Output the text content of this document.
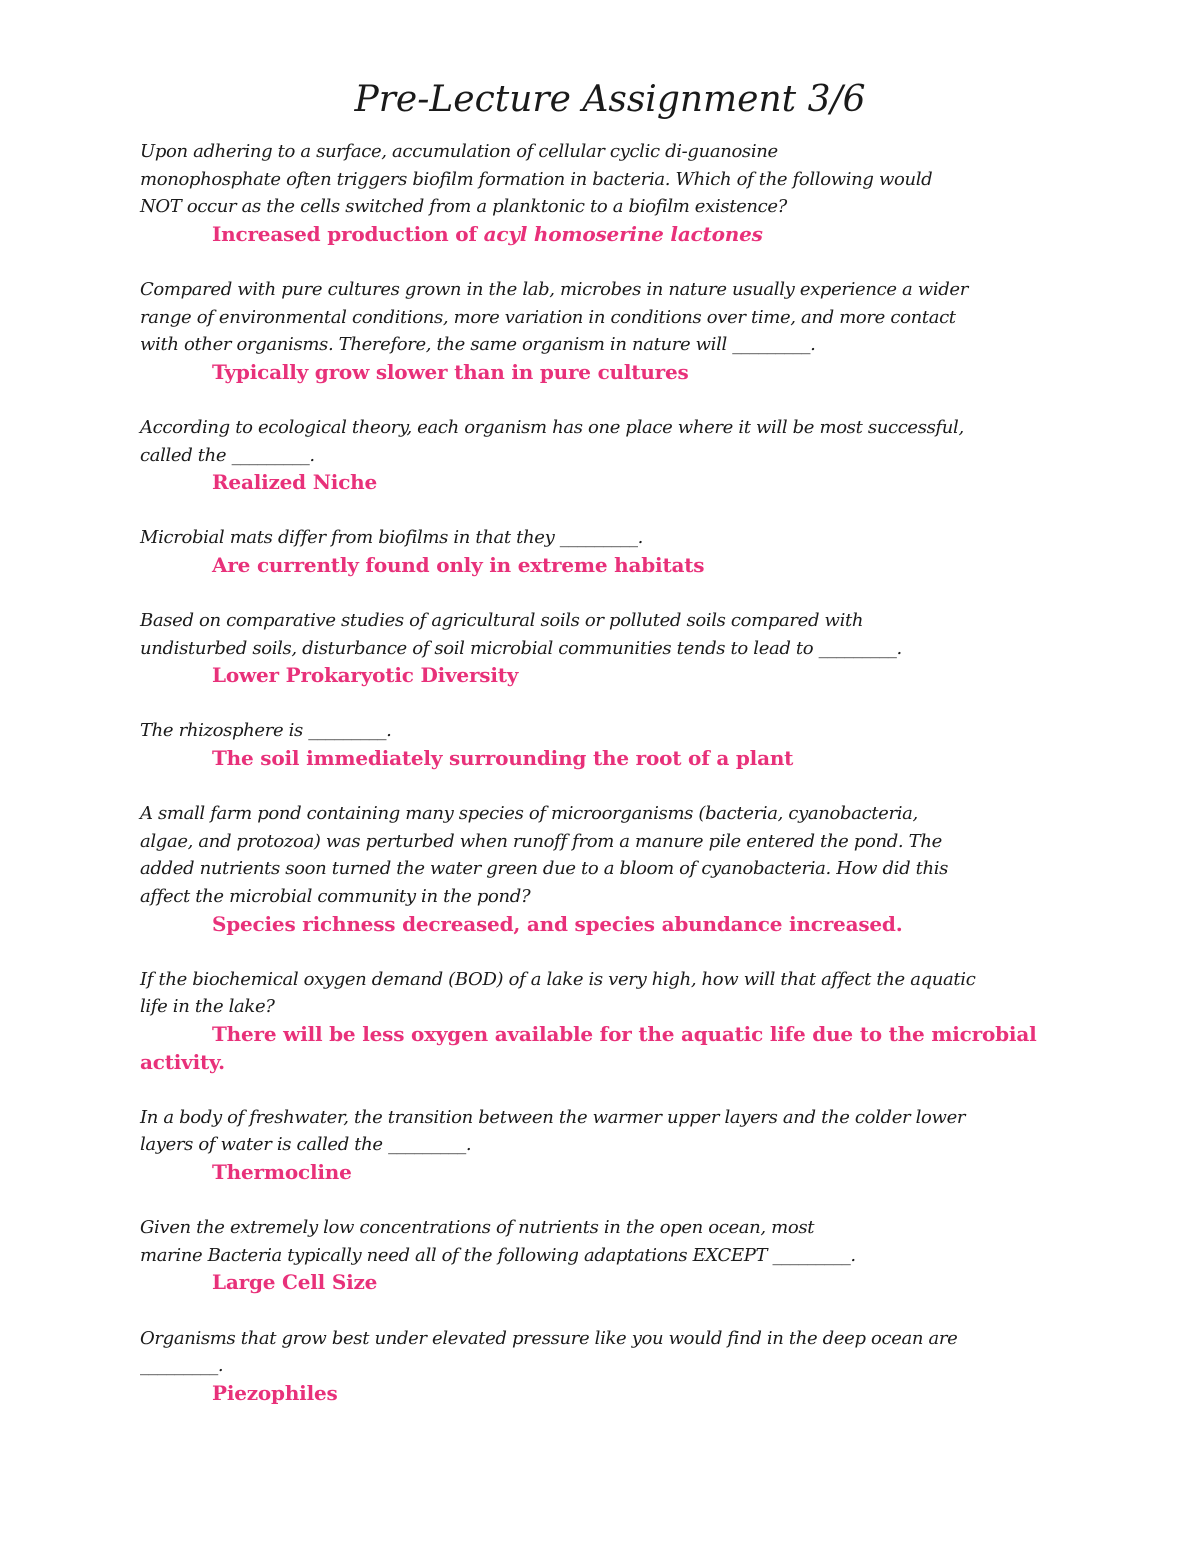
Pre-Lecture Assignment 3/6
Upon adhering to a surface, accumulation of cellular cyclic di-guanosine
monophosphate often triggers biofilm formation in bacteria. Which of the following would
NOT occur as the cells switched from a planktonic to a biofilm existence?
Increased production of acyl homoserine lactones
Compared with pure cultures grown in the lab, microbes in nature usually experience a wider
range of environmental conditions, more variation in conditions over time, and more contact
with other organisms. Therefore, the same organism in nature will _________.
Typically grow slower than in pure cultures
According to ecological theory, each organism has one place where it will be most successful,
called the _________.
Realized Niche
Microbial mats differ from biofilms in that they _________.
Are currently found only in extreme habitats
Based on comparative studies of agricultural soils or polluted soils compared with
undisturbed soils, disturbance of soil microbial communities tends to lead to _________.
Lower Prokaryotic Diversity
The rhizosphere is _________.
The soil immediately surrounding the root of a plant
A small farm pond containing many species of microorganisms (bacteria, cyanobacteria,
algae, and protozoa) was perturbed when runoff from a manure pile entered the pond. The
added nutrients soon turned the water green due to a bloom of cyanobacteria. How did this
affect the microbial community in the pond?
Species richness decreased, and species abundance increased.
If the biochemical oxygen demand (BOD) of a lake is very high, how will that affect the aquatic
life in the lake?
There will be less oxygen available for the aquatic life due to the microbial activity.
In a body of freshwater, the transition between the warmer upper layers and the colder lower
layers of water is called the _________.
Thermocline
Given the extremely low concentrations of nutrients in the open ocean, most
marine Bacteria typically need all of the following adaptations EXCEPT _________.
Large Cell Size
Organisms that grow best under elevated pressure like you would find in the deep ocean are
_________.
Piezophiles
